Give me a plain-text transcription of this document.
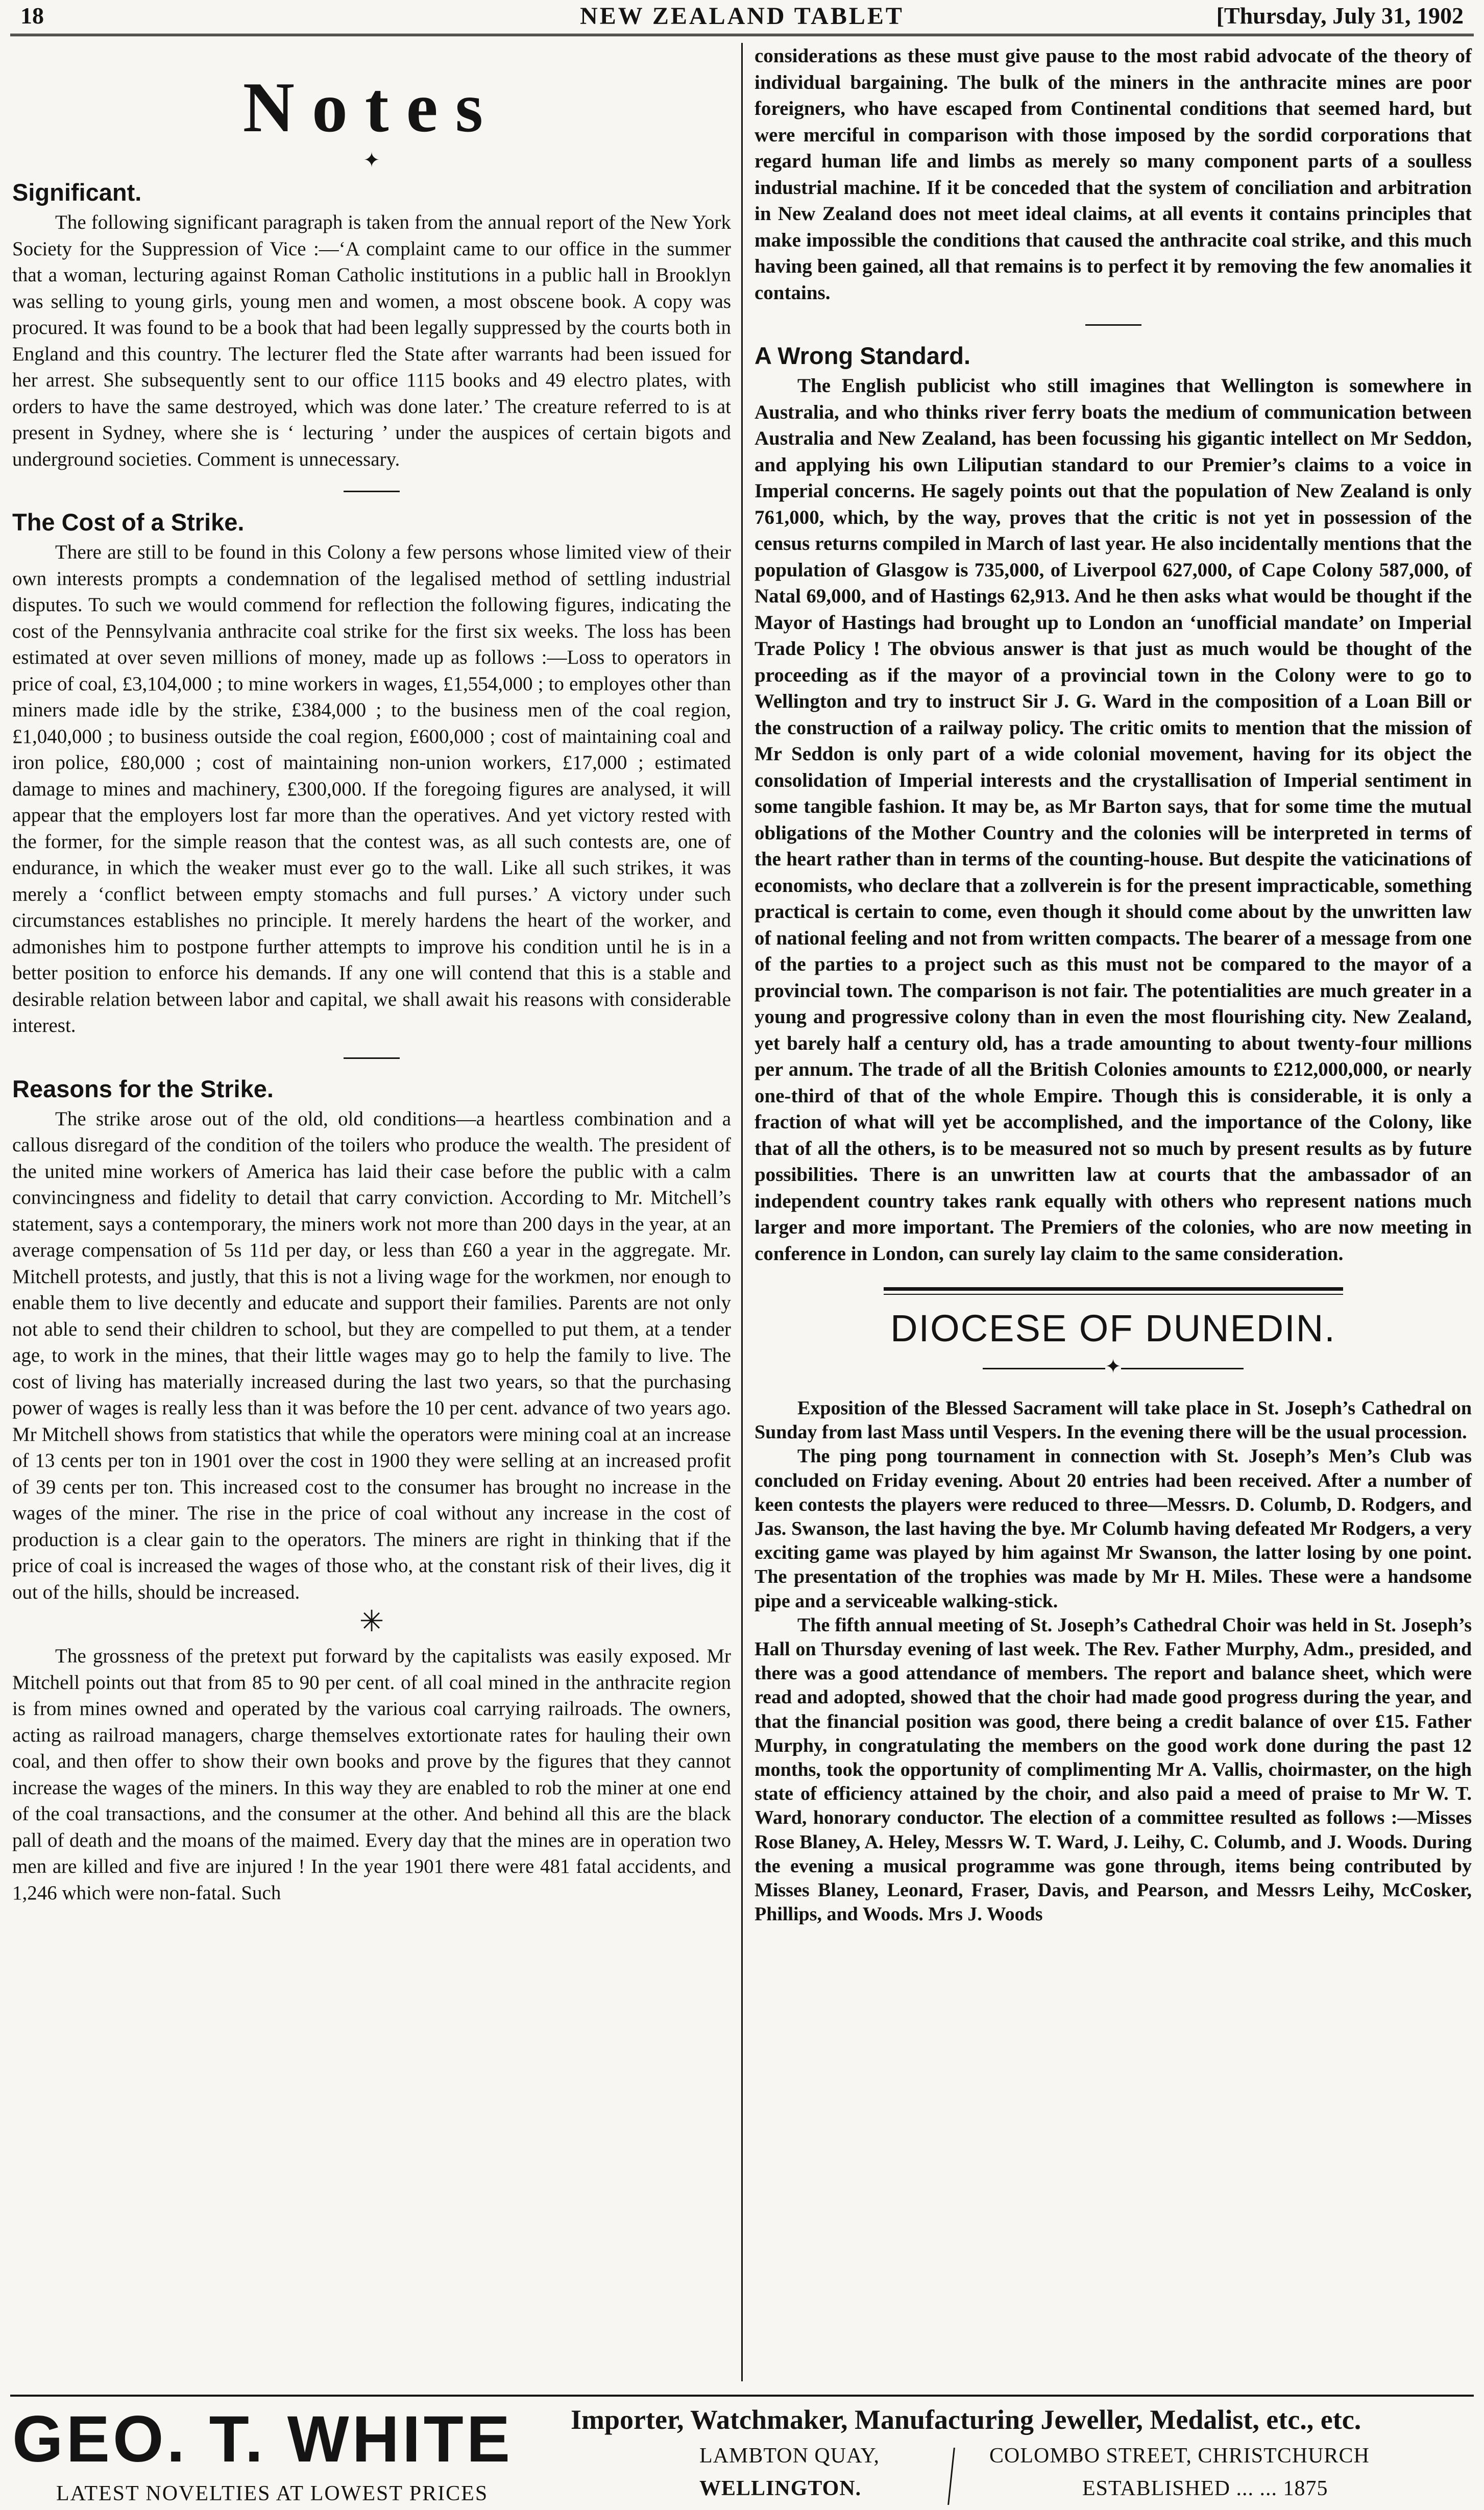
18	NEW ZEALAND TABLET	[Thursday, July 31, 1902
Notes
✦
Significant.

The following significant paragraph is taken from the annual report of the New York Society for the Suppression of Vice :—‘A complaint came to our office in the summer that a woman, lecturing against Roman Catholic institutions in a public hall in Brooklyn was selling to young girls, young men and women, a most obscene book. A copy was procured. It was found to be a book that had been legally suppressed by the courts both in England and this country. The lecturer fled the State after warrants had been issued for her arrest. She subsequently sent to our office 1115 books and 49 electro plates, with orders to have the same destroyed, which was done later.’ The creature referred to is at present in Sydney, where she is ‘ lecturing ’ under the auspices of certain bigots and underground societies. Comment is unnecessary.

The Cost of a Strike.

There are still to be found in this Colony a few persons whose limited view of their own interests prompts a condemnation of the legalised method of settling industrial disputes. To such we would commend for reflection the following figures, indicating the cost of the Pennsylvania anthracite coal strike for the first six weeks. The loss has been estimated at over seven millions of money, made up as follows :—Loss to operators in price of coal, £3,104,000 ; to mine workers in wages, £1,554,000 ; to employes other than miners made idle by the strike, £384,000 ; to the business men of the coal region, £1,040,000 ; to business outside the coal region, £600,000 ; cost of maintaining coal and iron police, £80,000 ; cost of maintaining non-union workers, £17,000 ; estimated damage to mines and machinery, £300,000. If the foregoing figures are analysed, it will appear that the employers lost far more than the operatives. And yet victory rested with the former, for the simple reason that the contest was, as all such contests are, one of endurance, in which the weaker must ever go to the wall. Like all such strikes, it was merely a ‘conflict between empty stomachs and full purses.’ A victory under such circumstances establishes no principle. It merely hardens the heart of the worker, and admonishes him to postpone further attempts to improve his condition until he is in a better position to enforce his demands. If any one will contend that this is a stable and desirable relation between labor and capital, we shall await his reasons with considerable interest.

Reasons for the Strike.

The strike arose out of the old, old conditions—a heartless combination and a callous disregard of the condition of the toilers who produce the wealth. The president of the united mine workers of America has laid their case before the public with a calm convincingness and fidelity to detail that carry conviction. According to Mr. Mitchell’s statement, says a contemporary, the miners work not more than 200 days in the year, at an average compensation of 5s 11d per day, or less than £60 a year in the aggregate. Mr. Mitchell protests, and justly, that this is not a living wage for the workmen, nor enough to enable them to live decently and educate and support their families. Parents are not only not able to send their children to school, but they are compelled to put them, at a tender age, to work in the mines, that their little wages may go to help the family to live. The cost of living has materially increased during the last two years, so that the purchasing power of wages is really less than it was before the 10 per cent. advance of two years ago. Mr Mitchell shows from statistics that while the operators were mining coal at an increase of 13 cents per ton in 1901 over the cost in 1900 they were selling at an increased profit of 39 cents per ton. This increased cost to the consumer has brought no increase in the wages of the miner. The rise in the price of coal without any increase in the cost of production is a clear gain to the operators. The miners are right in thinking that if the price of coal is increased the wages of those who, at the constant risk of their lives, dig it out of the hills, should be increased.

✳

The grossness of the pretext put forward by the capitalists was easily exposed. Mr Mitchell points out that from 85 to 90 per cent. of all coal mined in the anthracite region is from mines owned and operated by the various coal carrying railroads. The owners, acting as railroad managers, charge themselves extortionate rates for hauling their own coal, and then offer to show their own books and prove by the figures that they cannot increase the wages of the miners. In this way they are enabled to rob the miner at one end of the coal transactions, and the consumer at the other. And behind all this are the black pall of death and the moans of the maimed. Every day that the mines are in operation two men are killed and five are injured ! In the year 1901 there were 481 fatal accidents, and 1,246 which were non-fatal. Such

considerations as these must give pause to the most rabid advocate of the theory of individual bargaining. The bulk of the miners in the anthracite mines are poor foreigners, who have escaped from Continental conditions that seemed hard, but were merciful in comparison with those imposed by the sordid corporations that regard human life and limbs as merely so many component parts of a soulless industrial machine. If it be conceded that the system of conciliation and arbitration in New Zealand does not meet ideal claims, at all events it contains principles that make impossible the conditions that caused the anthracite coal strike, and this much having been gained, all that remains is to perfect it by removing the few anomalies it contains.

A Wrong Standard.

The English publicist who still imagines that Wellington is somewhere in Australia, and who thinks river ferry boats the medium of communication between Australia and New Zealand, has been focussing his gigantic intellect on Mr Seddon, and applying his own Liliputian standard to our Premier’s claims to a voice in Imperial concerns. He sagely points out that the population of New Zealand is only 761,000, which, by the way, proves that the critic is not yet in possession of the census returns compiled in March of last year. He also incidentally mentions that the population of Glasgow is 735,000, of Liverpool 627,000, of Cape Colony 587,000, of Natal 69,000, and of Hastings 62,913. And he then asks what would be thought if the Mayor of Hastings had brought up to London an ‘unofficial mandate’ on Imperial Trade Policy ! The obvious answer is that just as much would be thought of the proceeding as if the mayor of a provincial town in the Colony were to go to Wellington and try to instruct Sir J. G. Ward in the composition of a Loan Bill or the construction of a railway policy. The critic omits to mention that the mission of Mr Seddon is only part of a wide colonial movement, having for its object the consolidation of Imperial interests and the crystallisation of Imperial sentiment in some tangible fashion. It may be, as Mr Barton says, that for some time the mutual obligations of the Mother Country and the colonies will be interpreted in terms of the heart rather than in terms of the counting-house. But despite the vaticinations of economists, who declare that a zollverein is for the present impracticable, something practical is certain to come, even though it should come about by the unwritten law of national feeling and not from written compacts. The bearer of a message from one of the parties to a project such as this must not be compared to the mayor of a provincial town. The comparison is not fair. The potentialities are much greater in a young and progressive colony than in even the most flourishing city. New Zealand, yet barely half a century old, has a trade amounting to about twenty-four millions per annum. The trade of all the British Colonies amounts to £212,000,000, or nearly one-third of that of the whole Empire. Though this is considerable, it is only a fraction of what will yet be accomplished, and the importance of the Colony, like that of all the others, is to be measured not so much by present results as by future possibilities. There is an unwritten law at courts that the ambassador of an independent country takes rank equally with others who represent nations much larger and more important. The Premiers of the colonies, who are now meeting in conference in London, can surely lay claim to the same consideration.

DIOCESE OF DUNEDIN.
✦

Exposition of the Blessed Sacrament will take place in St. Joseph’s Cathedral on Sunday from last Mass until Vespers. In the evening there will be the usual procession.

The ping pong tournament in connection with St. Joseph’s Men’s Club was concluded on Friday evening. About 20 entries had been received. After a number of keen contests the players were reduced to three—Messrs. D. Columb, D. Rodgers, and Jas. Swanson, the last having the bye. Mr Columb having defeated Mr Rodgers, a very exciting game was played by him against Mr Swanson, the latter losing by one point. The presentation of the trophies was made by Mr H. Miles. These were a handsome pipe and a serviceable walking-stick.

The fifth annual meeting of St. Joseph’s Cathedral Choir was held in St. Joseph’s Hall on Thursday evening of last week. The Rev. Father Murphy, Adm., presided, and there was a good attendance of members. The report and balance sheet, which were read and adopted, showed that the choir had made good progress during the year, and that the financial position was good, there being a credit balance of over £15. Father Murphy, in congratulating the members on the good work done during the past 12 months, took the opportunity of complimenting Mr A. Vallis, choirmaster, on the high state of efficiency attained by the choir, and also paid a meed of praise to Mr W. T. Ward, honorary conductor. The election of a committee resulted as follows :—Misses Rose Blaney, A. Heley, Messrs W. T. Ward, J. Leihy, C. Columb, and J. Woods. During the evening a musical programme was gone through, items being contributed by Misses Blaney, Leonard, Fraser, Davis, and Pearson, and Messrs Leihy, McCosker, Phillips, and Woods. Mrs J. Woods

GEO. T. WHITE
LATEST NOVELTIES AT LOWEST PRICES
Importer, Watchmaker, Manufacturing Jeweller, Medalist, etc., etc.
LAMBTON QUAY,
WELLINGTON.
COLOMBO STREET, CHRISTCHURCH
ESTABLISHED ... ... 1875
